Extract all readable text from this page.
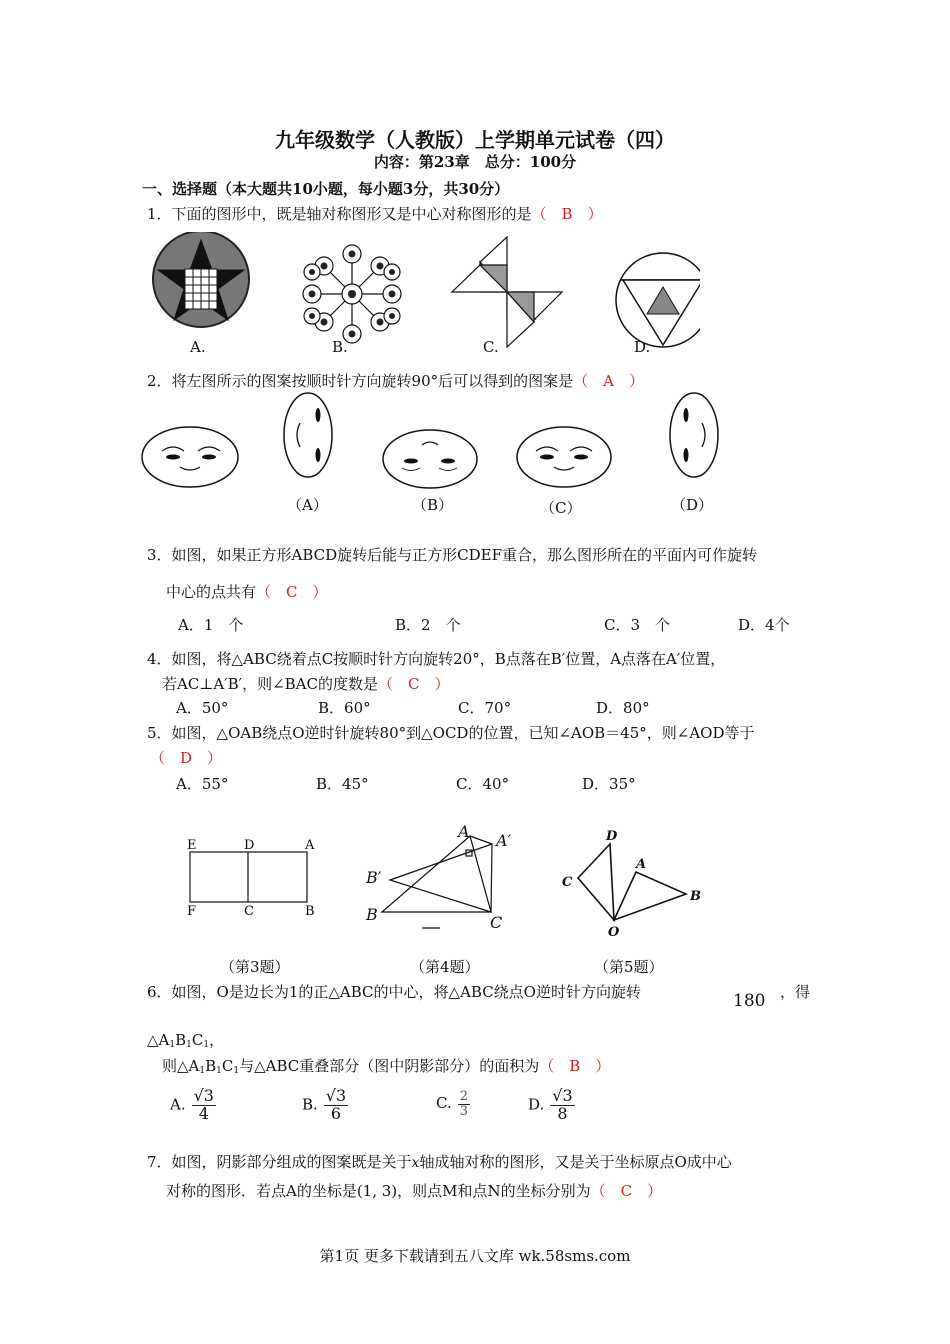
九年级数学（人教版）上学期单元试卷（四）
内容：第23章　总分：100分
一、选择题（本大题共10小题，每小题3分，共30分）
1．下面的图形中，既是轴对称图形又是中心对称图形的是（　B　）
A.	B.	C.	D.
2．将左图所示的图案按顺时针方向旋转90°后可以得到的图案是（　A　）
（A）	（B）	（C）	（D）
3．如图，如果正方形ABCD旋转后能与正方形CDEF重合，那么图形所在的平面内可作旋转
中心的点共有（　C　）
A．1　个	B．2　个	C．3　个	D．4个
4．如图，将△ABC绕着点C按顺时针方向旋转20°，B点落在B′位置，A点落在A′位置，
若AC⊥A′B′，则∠BAC的度数是（　C　）
A．50°	B．60°	C．70°	D．80°
5．如图，△OAB绕点O逆时针旋转80°到△OCD的位置，已知∠AOB＝45°，则∠AOD等于
（　D　）
A．55°	B．45°	C．40°	D．35°
E	D	A
F	C	B
A A′
B′
B	C
D
A
C
B
O
（第3题）	（第4题）	（第5题）
6．如图，O是边长为1的正△ABC的中心，将△ABC绕点O逆时针方向旋转	180 ，得
$\triangle A_1B_1C_1$，
则$\triangle A_1B_1C_1$与△ABC重叠部分（图中阴影部分）的面积为（　B　）
A. $\frac{√3}{4}$	B. $\frac{√3}{6}$	C. $\frac{2}{3}$	D. $\frac{√3}{8}$
7．如图，阴影部分组成的图案既是关于x轴成轴对称的图形，又是关于坐标原点O成中心
对称的图形．若点A的坐标是(1, 3)，则点M和点N的坐标分别为（　C　）
第1页 更多下载请到五八文库 wk.58sms.com
